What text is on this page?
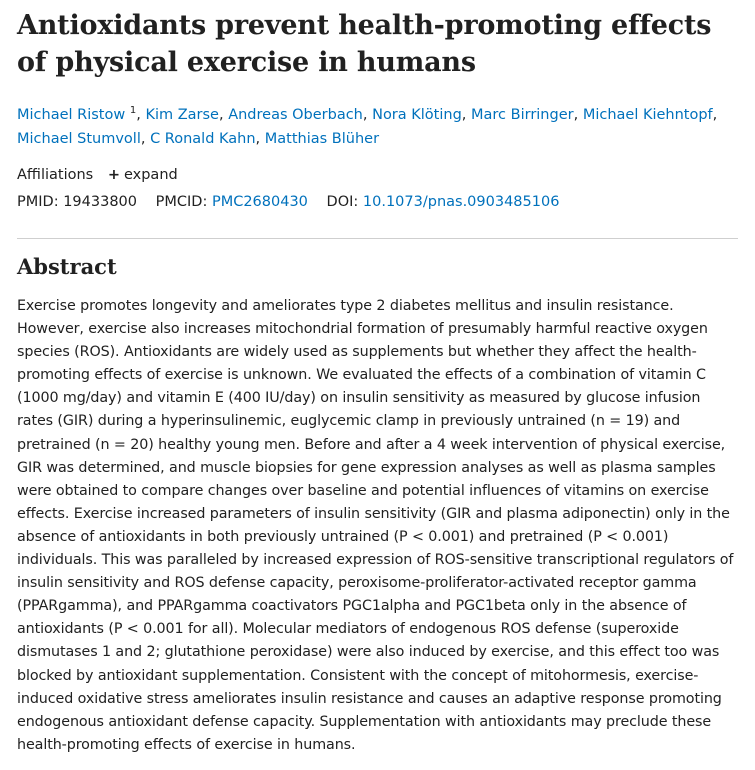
Antioxidants prevent health-promoting effects of physical exercise in humans
Michael Ristow $^1$, Kim Zarse, Andreas Oberbach, Nora Klöting, Marc Birringer, Michael Kiehntopf, Michael Stumvoll, C Ronald Kahn, Matthias Blüher
Affiliations + expand
PMID: 19433800 PMCID: PMC2680430 DOI: 10.1073/pnas.0903485106
Abstract
Exercise promotes longevity and ameliorates type 2 diabetes mellitus and insulin resistance. However, exercise also increases mitochondrial formation of presumably harmful reactive oxygen species (ROS). Antioxidants are widely used as supplements but whether they affect the health-promoting effects of exercise is unknown. We evaluated the effects of a combination of vitamin C (1000 mg/day) and vitamin E (400 IU/day) on insulin sensitivity as measured by glucose infusion rates (GIR) during a hyperinsulinemic, euglycemic clamp in previously untrained (n = 19) and pretrained (n = 20) healthy young men. Before and after a 4 week intervention of physical exercise, GIR was determined, and muscle biopsies for gene expression analyses as well as plasma samples were obtained to compare changes over baseline and potential influences of vitamins on exercise effects. Exercise increased parameters of insulin sensitivity (GIR and plasma adiponectin) only in the absence of antioxidants in both previously untrained (P < 0.001) and pretrained (P < 0.001) individuals. This was paralleled by increased expression of ROS-sensitive transcriptional regulators of insulin sensitivity and ROS defense capacity, peroxisome-proliferator-activated receptor gamma (PPARgamma), and PPARgamma coactivators PGC1alpha and PGC1beta only in the absence of antioxidants (P < 0.001 for all). Molecular mediators of endogenous ROS defense (superoxide dismutases 1 and 2; glutathione peroxidase) were also induced by exercise, and this effect too was blocked by antioxidant supplementation. Consistent with the concept of mitohormesis, exercise-induced oxidative stress ameliorates insulin resistance and causes an adaptive response promoting endogenous antioxidant defense capacity. Supplementation with antioxidants may preclude these health-promoting effects of exercise in humans.
